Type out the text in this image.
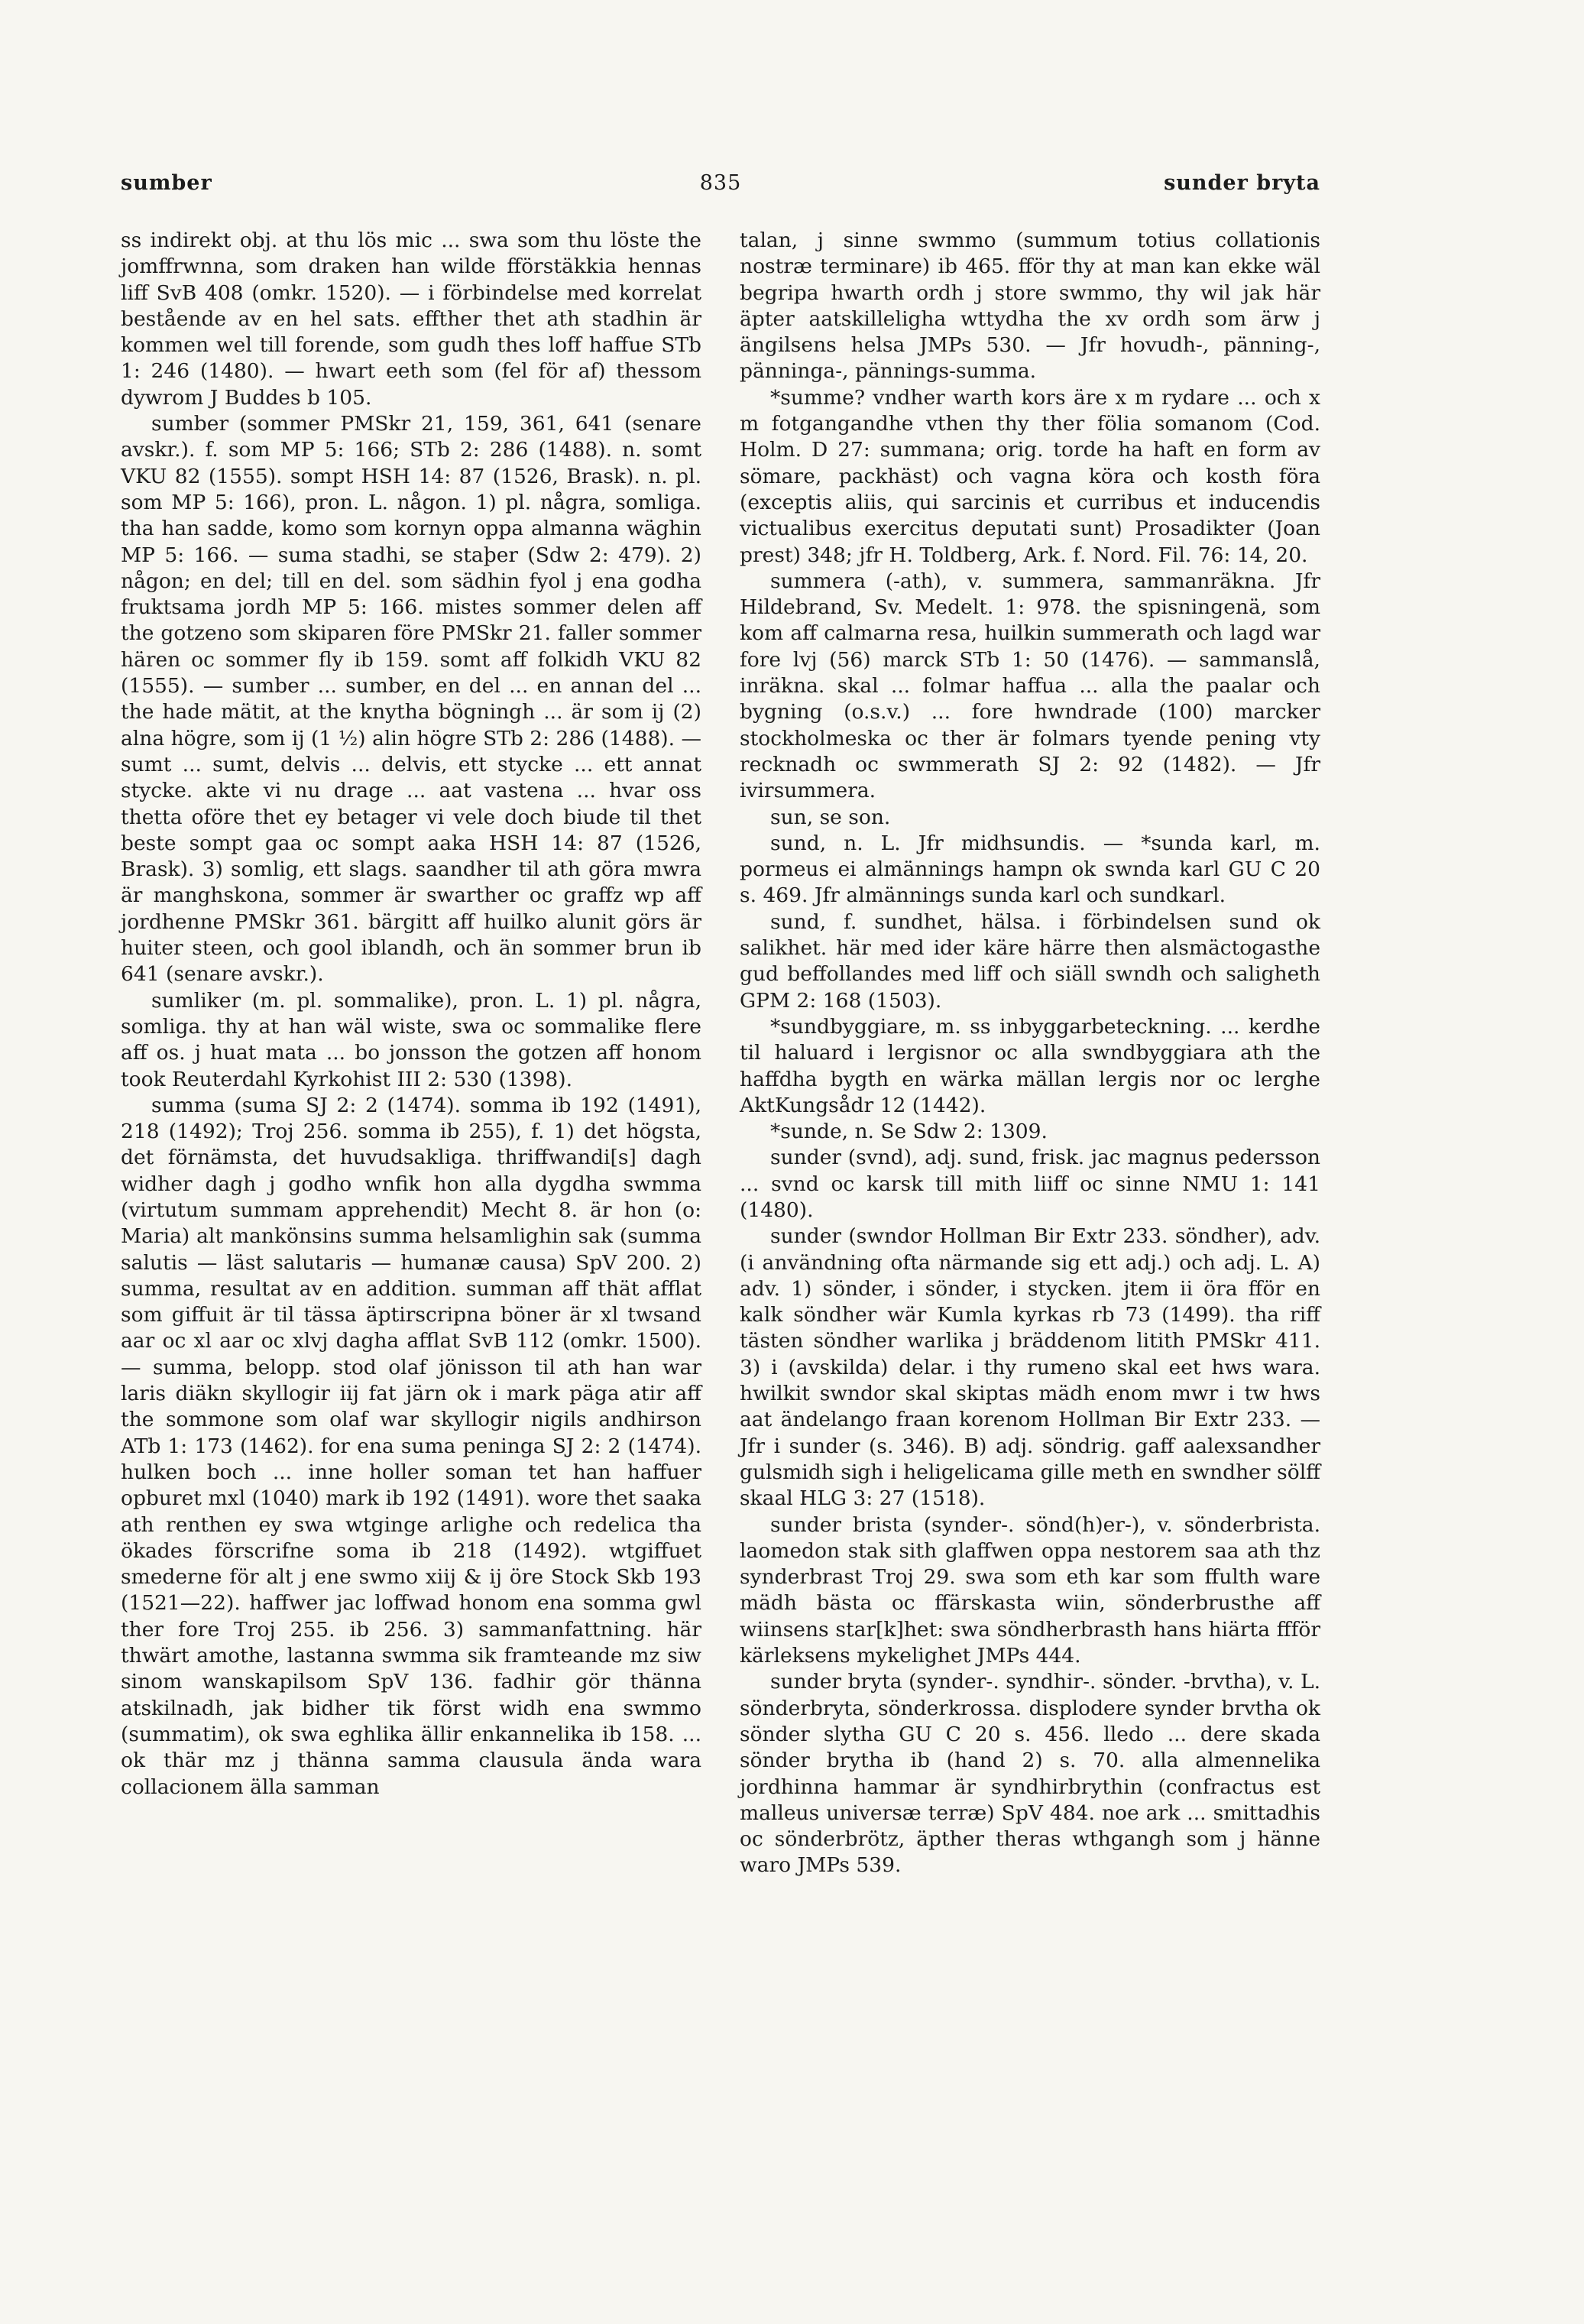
sumber	835	sunder bryta

ss indirekt obj. at thu lös mic ... swa som thu löste the jomffrwnna, som draken han wilde fförstäkkia hennas liff SvB 408 (omkr. 1520). — i förbindelse med korrelat bestående av en hel sats. effther thet ath stadhin är kommen wel till forende, som gudh thes loff haffue STb 1: 246 (1480). — hwart eeth som (fel för af) thessom dywrom J Buddes b 105.

sumber (sommer PMSkr 21, 159, 361, 641 (senare avskr.). f. som MP 5: 166; STb 2: 286 (1488). n. somt VKU 82 (1555). sompt HSH 14: 87 (1526, Brask). n. pl. som MP 5: 166), pron. L. någon. 1) pl. några, somliga. tha han sadde, komo som kornyn oppa almanna wäghin MP 5: 166. — suma stadhi, se staþer (Sdw 2: 479). 2) någon; en del; till en del. som sädhin fyol j ena godha fruktsama jordh MP 5: 166. mistes sommer delen aff the gotzeno som skiparen före PMSkr 21. faller sommer hären oc sommer fly ib 159. somt aff folkidh VKU 82 (1555). — sumber ... sumber, en del ... en annan del ... the hade mätit, at the knytha bögningh ... är som ij (2) alna högre, som ij (1 ½) alin högre STb 2: 286 (1488). — sumt ... sumt, delvis ... delvis, ett stycke ... ett annat stycke. akte vi nu drage ... aat vastena ... hvar oss thetta oföre thet ey betager vi vele doch biude til thet beste sompt gaa oc sompt aaka HSH 14: 87 (1526, Brask). 3) somlig, ett slags. saandher til ath göra mwra är manghskona, sommer är swarther oc graffz wp aff jordhenne PMSkr 361. bärgitt aff huilko alunit görs är huiter steen, och gool iblandh, och än sommer brun ib 641 (senare avskr.).

sumliker (m. pl. sommalike), pron. L. 1) pl. några, somliga. thy at han wäl wiste, swa oc sommalike flere aff os. j huat mata ... bo jonsson the gotzen aff honom took Reuterdahl Kyrkohist III 2: 530 (1398).

summa (suma SJ 2: 2 (1474). somma ib 192 (1491), 218 (1492); Troj 256. somma ib 255), f. 1) det högsta, det förnämsta, det huvudsakliga. thriffwandi[s] dagh widher dagh j godho wnfik hon alla dygdha swmma (virtutum summam apprehendit) Mecht 8. är hon (o: Maria) alt mankönsins summa helsamlighin sak (summa salutis — läst salutaris — humanæ causa) SpV 200. 2) summa, resultat av en addition. summan aff thät afflat som giffuit är til tässa äptirscripna böner är xl twsand aar oc xl aar oc xlvj dagha afflat SvB 112 (omkr. 1500). — summa, belopp. stod olaf jönisson til ath han war laris diäkn skyllogir iij fat järn ok i mark päga atir aff the sommone som olaf war skyllogir nigils andhirson ATb 1: 173 (1462). for ena suma peninga SJ 2: 2 (1474). hulken boch ... inne holler soman tet han haffuer opburet mxl (1040) mark ib 192 (1491). wore thet saaka ath renthen ey swa wtginge arlighe och redelica tha ökades förscrifne soma ib 218 (1492). wtgiffuet smederne för alt j ene swmo xiij & ij öre Stock Skb 193 (1521—22). haffwer jac loffwad honom ena somma gwl ther fore Troj 255. ib 256. 3) sammanfattning. här thwärt amothe, lastanna swmma sik framteande mz siw sinom wanskapilsom SpV 136. fadhir gör thänna atskilnadh, jak bidher tik först widh ena swmmo (summatim), ok swa eghlika ällir enkannelika ib 158. ... ok thär mz j thänna samma clausula ända wara collacionem älla samman

talan, j sinne swmmo (summum totius collationis nostræ terminare) ib 465. fför thy at man kan ekke wäl begripa hwarth ordh j store swmmo, thy wil jak här äpter aatskilleligha wttydha the xv ordh som ärw j ängilsens helsa JMPs 530. — Jfr hovudh-, pänning-, pänninga-, pännings-summa.

*summe? vndher warth kors äre x m rydare ... och x m fotgangandhe vthen thy ther fölia somanom (Cod. Holm. D 27: summana; orig. torde ha haft en form av sömare, packhäst) och vagna köra och kosth föra (exceptis aliis, qui sarcinis et curribus et inducendis victualibus exercitus deputati sunt) Prosadikter (Joan prest) 348; jfr H. Toldberg, Ark. f. Nord. Fil. 76: 14, 20.

summera (-ath), v. summera, sammanräkna. Jfr Hildebrand, Sv. Medelt. 1: 978. the spisningenä, som kom aff calmarna resa, huilkin summerath och lagd war fore lvj (56) marck STb 1: 50 (1476). — sammanslå, inräkna. skal ... folmar haffua ... alla the paalar och bygning (o.s.v.) ... fore hwndrade (100) marcker stockholmeska oc ther är folmars tyende pening vty recknadh oc swmmerath SJ 2: 92 (1482). — Jfr ivirsummera.

sun, se son.

sund, n. L. Jfr midhsundis. — *sunda karl, m. pormeus ei almännings hampn ok swnda karl GU C 20 s. 469. Jfr almännings sunda karl och sundkarl.

sund, f. sundhet, hälsa. i förbindelsen sund ok salikhet. här med ider käre härre then alsmäctogasthe gud beffollandes med liff och siäll swndh och saligheth GPM 2: 168 (1503).

*sundbyggiare, m. ss inbyggarbeteckning. ... kerdhe til haluard i lergisnor oc alla swndbyggiara ath the haffdha bygth en wärka mällan lergis nor oc lerghe AktKungsådr 12 (1442).

*sunde, n. Se Sdw 2: 1309.

sunder (svnd), adj. sund, frisk. jac magnus pedersson ... svnd oc karsk till mith liiff oc sinne NMU 1: 141 (1480).

sunder (swndor Hollman Bir Extr 233. söndher), adv. (i användning ofta närmande sig ett adj.) och adj. L. A) adv. 1) sönder, i sönder, i stycken. jtem ii öra fför en kalk söndher wär Kumla kyrkas rb 73 (1499). tha riff tästen söndher warlika j bräddenom litith PMSkr 411. 3) i (avskilda) delar. i thy rumeno skal eet hws wara. hwilkit swndor skal skiptas mädh enom mwr i tw hws aat ändelango fraan korenom Hollman Bir Extr 233. — Jfr i sunder (s. 346). B) adj. söndrig. gaff aalexsandher gulsmidh sigh i heligelicama gille meth en swndher sölff skaal HLG 3: 27 (1518).

sunder brista (synder-. sönd(h)er-), v. sönderbrista. laomedon stak sith glaffwen oppa nestorem saa ath thz synderbrast Troj 29. swa som eth kar som ffulth ware mädh bästa oc ffärskasta wiin, sönderbrusthe aff wiinsens star[k]het: swa söndherbrasth hans hiärta ffför kärleksens mykelighet JMPs 444.

sunder bryta (synder-. syndhir-. sönder. -brvtha), v. L. sönderbryta, sönderkrossa. displodere synder brvtha ok sönder slytha GU C 20 s. 456. lledo ... dere skada sönder brytha ib (hand 2) s. 70. alla almennelika jordhinna hammar är syndhirbrythin (confractus est malleus universæ terræ) SpV 484. noe ark ... smittadhis oc sönderbrötz, äpther theras wthgangh som j hänne waro JMPs 539.
